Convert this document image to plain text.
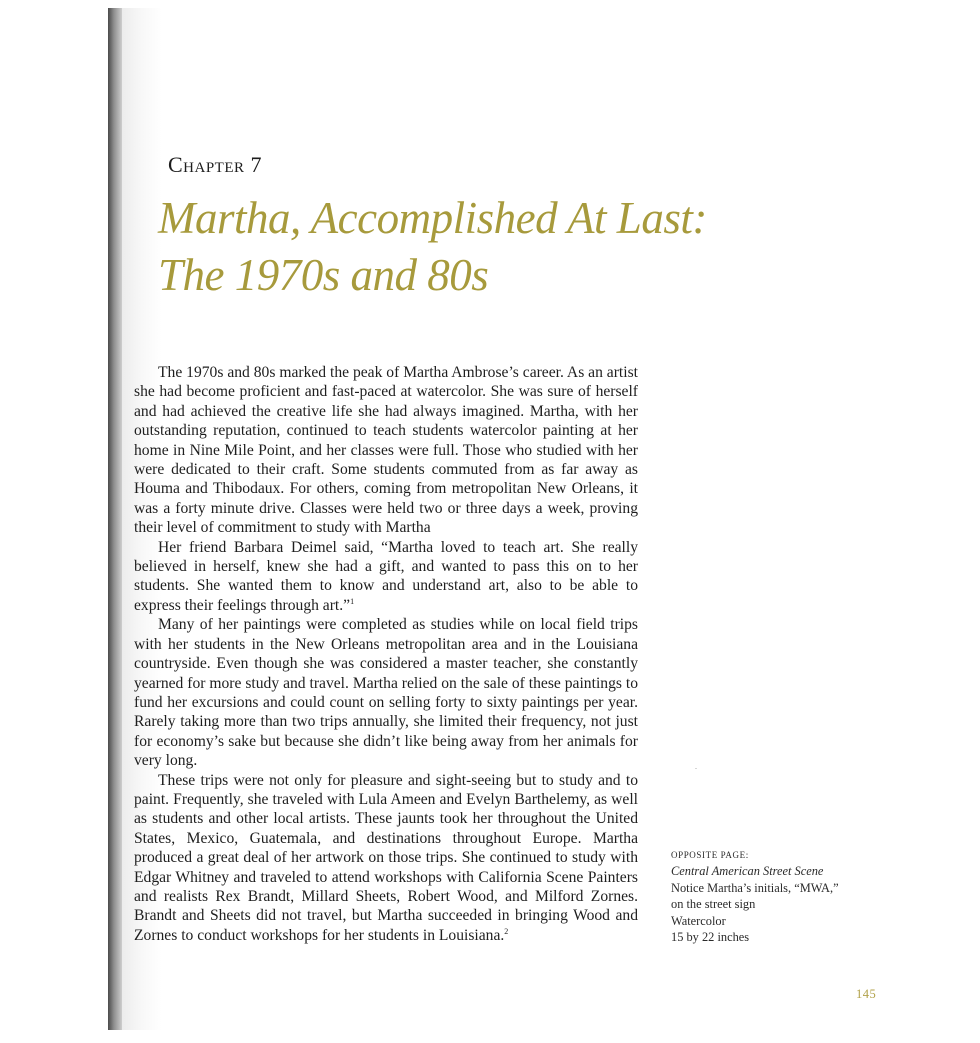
Chapter 7
Martha, Accomplished At Last:
The 1970s and 80s

The 1970s and 80s marked the peak of Martha Ambrose’s career. As an artist she had become proficient and fast-paced at watercolor. She was sure of herself and had achieved the creative life she had always imagined. Martha, with her outstanding reputation, continued to teach students watercolor painting at her home in Nine Mile Point, and her classes were full. Those who studied with her were dedicated to their craft. Some students commuted from as far away as Houma and Thibodaux. For others, coming from metropolitan New Orleans, it was a forty minute drive. Classes were held two or three days a week, proving their level of commitment to study with Martha

Her friend Barbara Deimel said, “Martha loved to teach art. She really believed in herself, knew she had a gift, and wanted to pass this on to her students. She wanted them to know and understand art, also to be able to express their feelings through art.”$^1$

Many of her paintings were completed as studies while on local field trips with her students in the New Orleans metropolitan area and in the Louisiana countryside. Even though she was considered a master teacher, she constantly yearned for more study and travel. Martha relied on the sale of these paintings to fund her excursions and could count on selling forty to sixty paintings per year. Rarely taking more than two trips annually, she limited their frequency, not just for economy’s sake but because she didn’t like being away from her animals for very long.

These trips were not only for pleasure and sight-seeing but to study and to paint. Frequently, she traveled with Lula Ameen and Evelyn Barthelemy, as well as students and other local artists. These jaunts took her throughout the United States, Mexico, Guatemala, and destinations throughout Europe. Martha produced a great deal of her artwork on those trips. She continued to study with Edgar Whitney and traveled to attend workshops with California Scene Painters and realists Rex Brandt, Millard Sheets, Robert Wood, and Milford Zornes. Brandt and Sheets did not travel, but Martha succeeded in bringing Wood and Zornes to conduct workshops for her students in Louisiana.$^2$

OPPOSITE PAGE:
Central American Street Scene
Notice Martha’s initials, “MWA,”
on the street sign
Watercolor
15 by 22 inches
145
